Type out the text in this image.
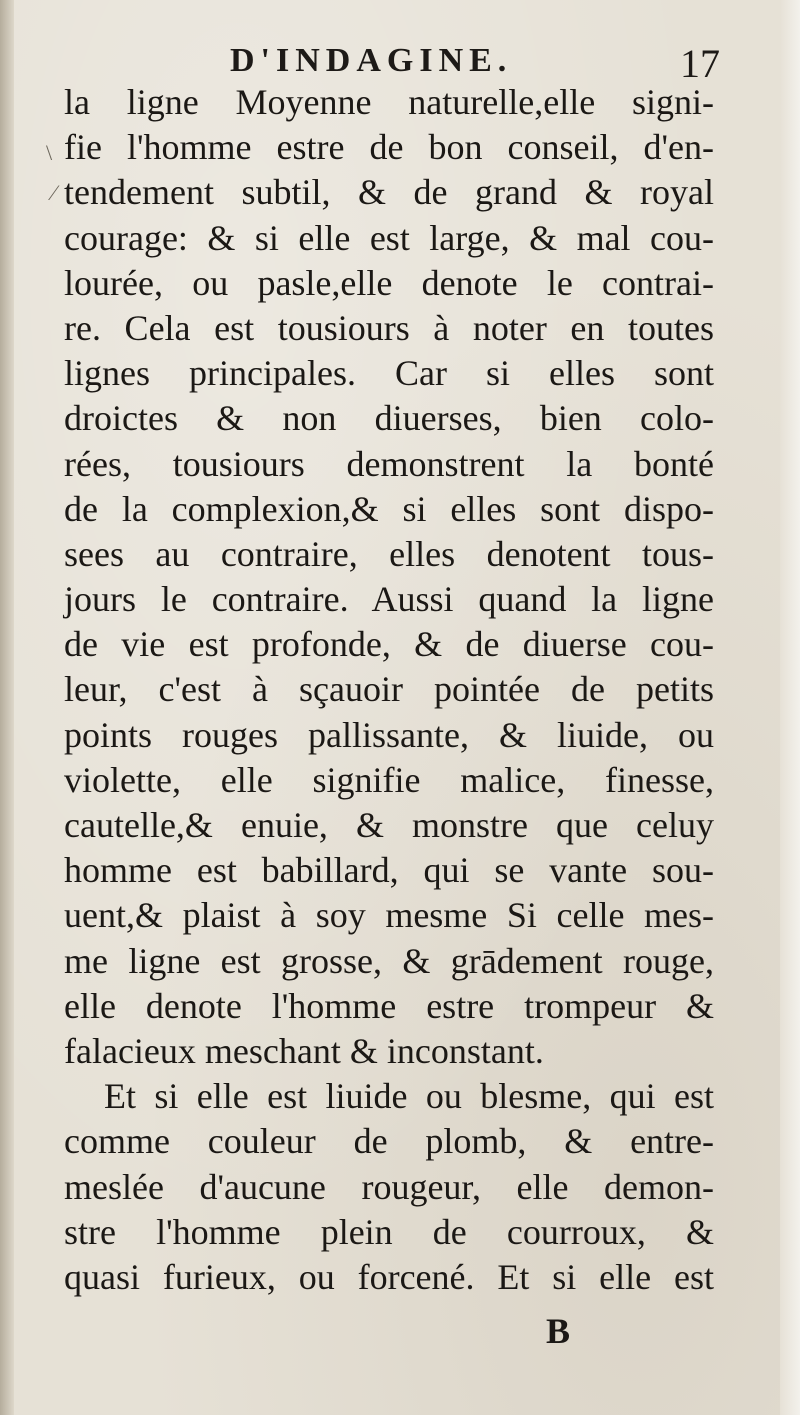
D'INDAGINE.	17
\
⁄
la ligne Moyenne naturelle,elle signi-
fie l'homme estre de bon conseil, d'en-
tendement subtil, & de grand & royal
courage: & si elle est large, & mal cou-
lourée, ou pasle,elle denote le contrai-
re. Cela est tousiours à noter en toutes
lignes principales. Car si elles sont
droictes & non diuerses, bien colo-
rées, tousiours demonstrent la bonté
de la complexion,& si elles sont dispo-
sees au contraire, elles denotent tous-
jours le contraire. Aussi quand la ligne
de vie est profonde, & de diuerse cou-
leur, c'est à sçauoir pointée de petits
points rouges pallissante, & liuide, ou
violette, elle signifie malice, finesse,
cautelle,& enuie, & monstre que celuy
homme est babillard, qui se vante sou-
uent,& plaist à soy mesme Si celle mes-
me ligne est grosse, & grādement rouge,
elle denote l'homme estre trompeur &
falacieux meschant & inconstant.
Et si elle est liuide ou blesme, qui est
comme couleur de plomb, & entre-
meslée d'aucune rougeur, elle demon-
stre l'homme plein de courroux, &
quasi furieux, ou forcené. Et si elle est
B
